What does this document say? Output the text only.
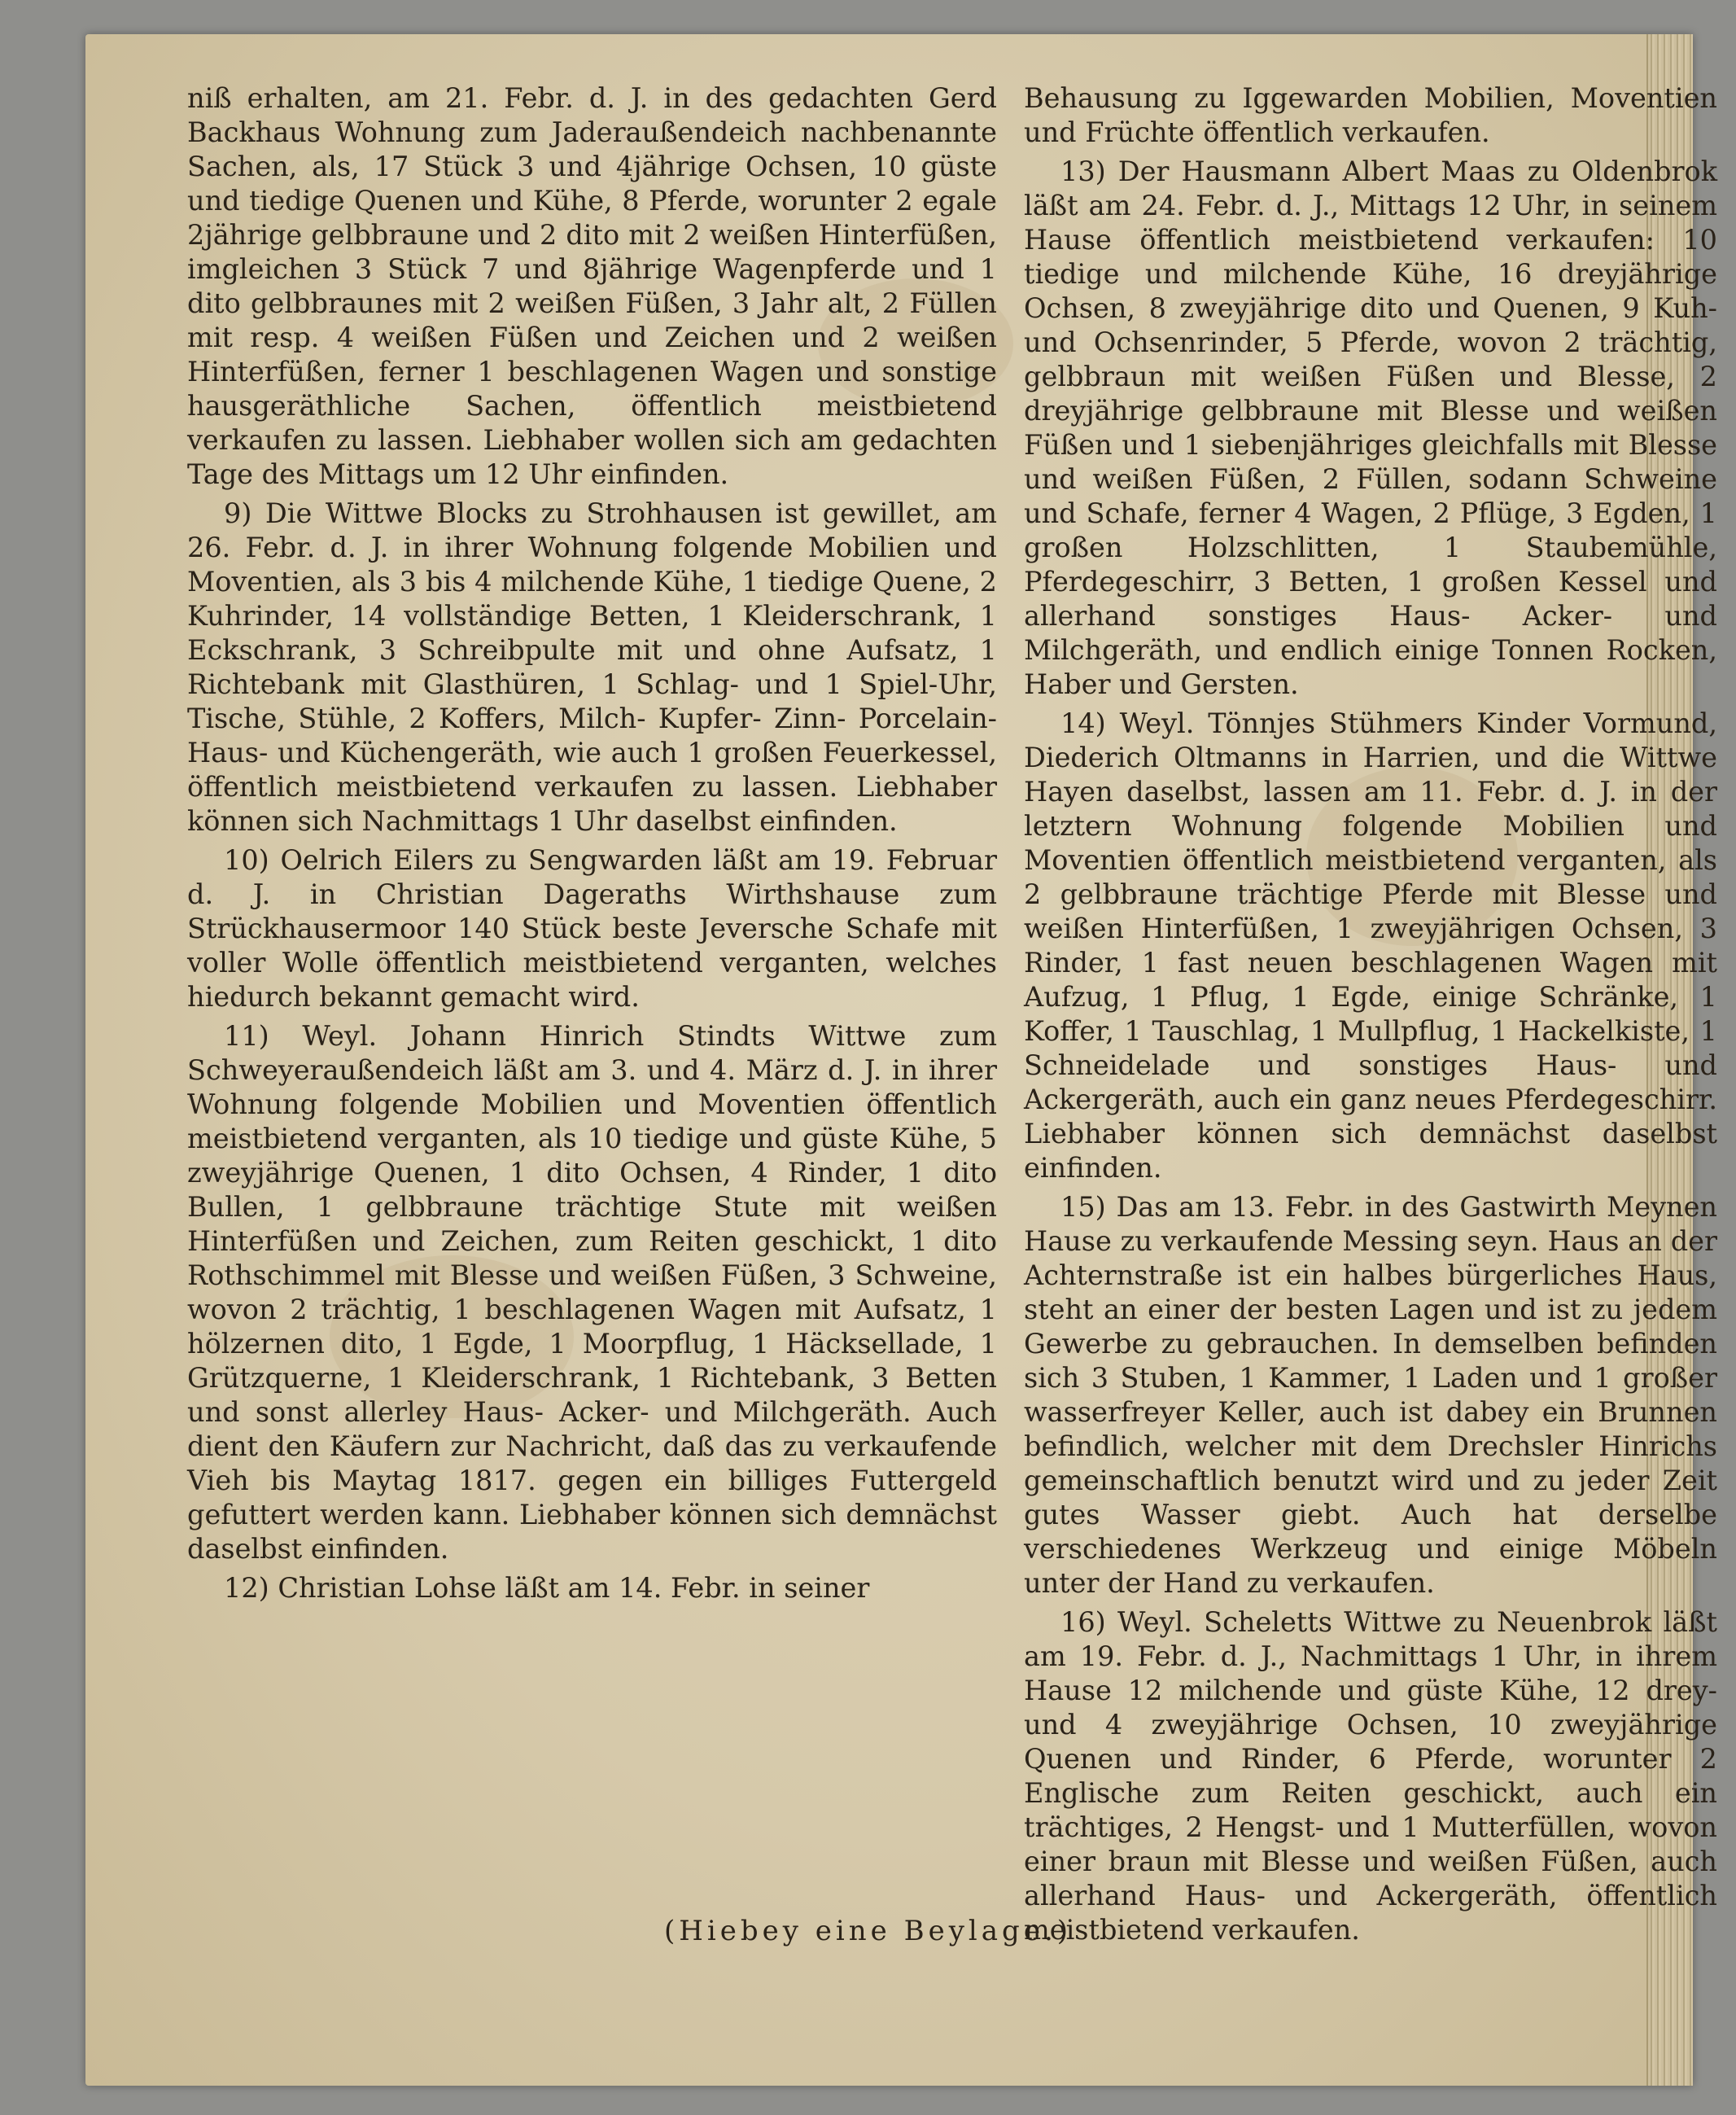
niß erhalten, am 21. Febr. d. J. in des gedachten Gerd Backhaus Wohnung zum Jaderaußendeich nachbenannte Sachen, als, 17 Stück 3 und 4jährige Ochsen, 10 güste und tiedige Quenen und Kühe, 8 Pferde, worunter 2 egale 2jährige gelbbraune und 2 dito mit 2 weißen Hinterfüßen, imgleichen 3 Stück 7 und 8jährige Wagenpferde und 1 dito gelbbraunes mit 2 weißen Füßen, 3 Jahr alt, 2 Füllen mit resp. 4 weißen Füßen und Zeichen und 2 weißen Hinterfüßen, ferner 1 beschlagenen Wagen und sonstige hausgeräthliche Sachen, öffentlich meistbietend verkaufen zu lassen. Liebhaber wollen sich am gedachten Tage des Mittags um 12 Uhr einfinden.

9) Die Wittwe Blocks zu Strohhausen ist gewillet, am 26. Febr. d. J. in ihrer Wohnung folgende Mobilien und Moventien, als 3 bis 4 milchende Kühe, 1 tiedige Quene, 2 Kuhrinder, 14 vollständige Betten, 1 Kleiderschrank, 1 Eckschrank, 3 Schreibpulte mit und ohne Aufsatz, 1 Richtebank mit Glasthüren, 1 Schlag- und 1 Spiel-Uhr, Tische, Stühle, 2 Koffers, Milch- Kupfer- Zinn- Porcelain- Haus- und Küchengeräth, wie auch 1 großen Feuerkessel, öffentlich meistbietend verkaufen zu lassen. Liebhaber können sich Nachmittags 1 Uhr daselbst einfinden.

10) Oelrich Eilers zu Sengwarden läßt am 19. Februar d. J. in Christian Dageraths Wirthshause zum Strückhausermoor 140 Stück beste Jeversche Schafe mit voller Wolle öffentlich meistbietend verganten, welches hiedurch bekannt gemacht wird.

11) Weyl. Johann Hinrich Stindts Wittwe zum Schweyeraußendeich läßt am 3. und 4. März d. J. in ihrer Wohnung folgende Mobilien und Moventien öffentlich meistbietend verganten, als 10 tiedige und güste Kühe, 5 zweyjährige Quenen, 1 dito Ochsen, 4 Rinder, 1 dito Bullen, 1 gelbbraune trächtige Stute mit weißen Hinterfüßen und Zeichen, zum Reiten geschickt, 1 dito Rothschimmel mit Blesse und weißen Füßen, 3 Schweine, wovon 2 trächtig, 1 beschlagenen Wagen mit Aufsatz, 1 hölzernen dito, 1 Egde, 1 Moorpflug, 1 Häcksellade, 1 Grützquerne, 1 Kleiderschrank, 1 Richtebank, 3 Betten und sonst allerley Haus- Acker- und Milchgeräth. Auch dient den Käufern zur Nachricht, daß das zu verkaufende Vieh bis Maytag 1817. gegen ein billiges Futtergeld gefuttert werden kann. Liebhaber können sich demnächst daselbst einfinden.

12) Christian Lohse läßt am 14. Febr. in seiner

Behausung zu Iggewarden Mobilien, Moventien und Früchte öffentlich verkaufen.

13) Der Hausmann Albert Maas zu Oldenbrok läßt am 24. Febr. d. J., Mittags 12 Uhr, in seinem Hause öffentlich meistbietend verkaufen: 10 tiedige und milchende Kühe, 16 dreyjährige Ochsen, 8 zweyjährige dito und Quenen, 9 Kuh- und Ochsenrinder, 5 Pferde, wovon 2 trächtig, gelbbraun mit weißen Füßen und Blesse, 2 dreyjährige gelbbraune mit Blesse und weißen Füßen und 1 siebenjähriges gleichfalls mit Blesse und weißen Füßen, 2 Füllen, sodann Schweine und Schafe, ferner 4 Wagen, 2 Pflüge, 3 Egden, 1 großen Holzschlitten, 1 Staubemühle, Pferdegeschirr, 3 Betten, 1 großen Kessel und allerhand sonstiges Haus- Acker- und Milchgeräth, und endlich einige Tonnen Rocken, Haber und Gersten.

14) Weyl. Tönnjes Stühmers Kinder Vormund, Diederich Oltmanns in Harrien, und die Wittwe Hayen daselbst, lassen am 11. Febr. d. J. in der letztern Wohnung folgende Mobilien und Moventien öffentlich meistbietend verganten, als 2 gelbbraune trächtige Pferde mit Blesse und weißen Hinterfüßen, 1 zweyjährigen Ochsen, 3 Rinder, 1 fast neuen beschlagenen Wagen mit Aufzug, 1 Pflug, 1 Egde, einige Schränke, 1 Koffer, 1 Tauschlag, 1 Mullpflug, 1 Hackelkiste, 1 Schneidelade und sonstiges Haus- und Ackergeräth, auch ein ganz neues Pferdegeschirr. Liebhaber können sich demnächst daselbst einfinden.

15) Das am 13. Febr. in des Gastwirth Meynen Hause zu verkaufende Messing seyn. Haus an der Achternstraße ist ein halbes bürgerliches Haus, steht an einer der besten Lagen und ist zu jedem Gewerbe zu gebrauchen. In demselben befinden sich 3 Stuben, 1 Kammer, 1 Laden und 1 großer wasserfreyer Keller, auch ist dabey ein Brunnen befindlich, welcher mit dem Drechsler Hinrichs gemeinschaftlich benutzt wird und zu jeder Zeit gutes Wasser giebt. Auch hat derselbe verschiedenes Werkzeug und einige Möbeln unter der Hand zu verkaufen.

16) Weyl. Scheletts Wittwe zu Neuenbrok läßt am 19. Febr. d. J., Nachmittags 1 Uhr, in ihrem Hause 12 milchende und güste Kühe, 12 drey- und 4 zweyjährige Ochsen, 10 zweyjährige Quenen und Rinder, 6 Pferde, worunter 2 Englische zum Reiten geschickt, auch ein trächtiges, 2 Hengst- und 1 Mutterfüllen, wovon einer braun mit Blesse und weißen Füßen, auch allerhand Haus- und Ackergeräth, öffentlich meistbietend verkaufen.

(Hiebey eine Beylage.)
